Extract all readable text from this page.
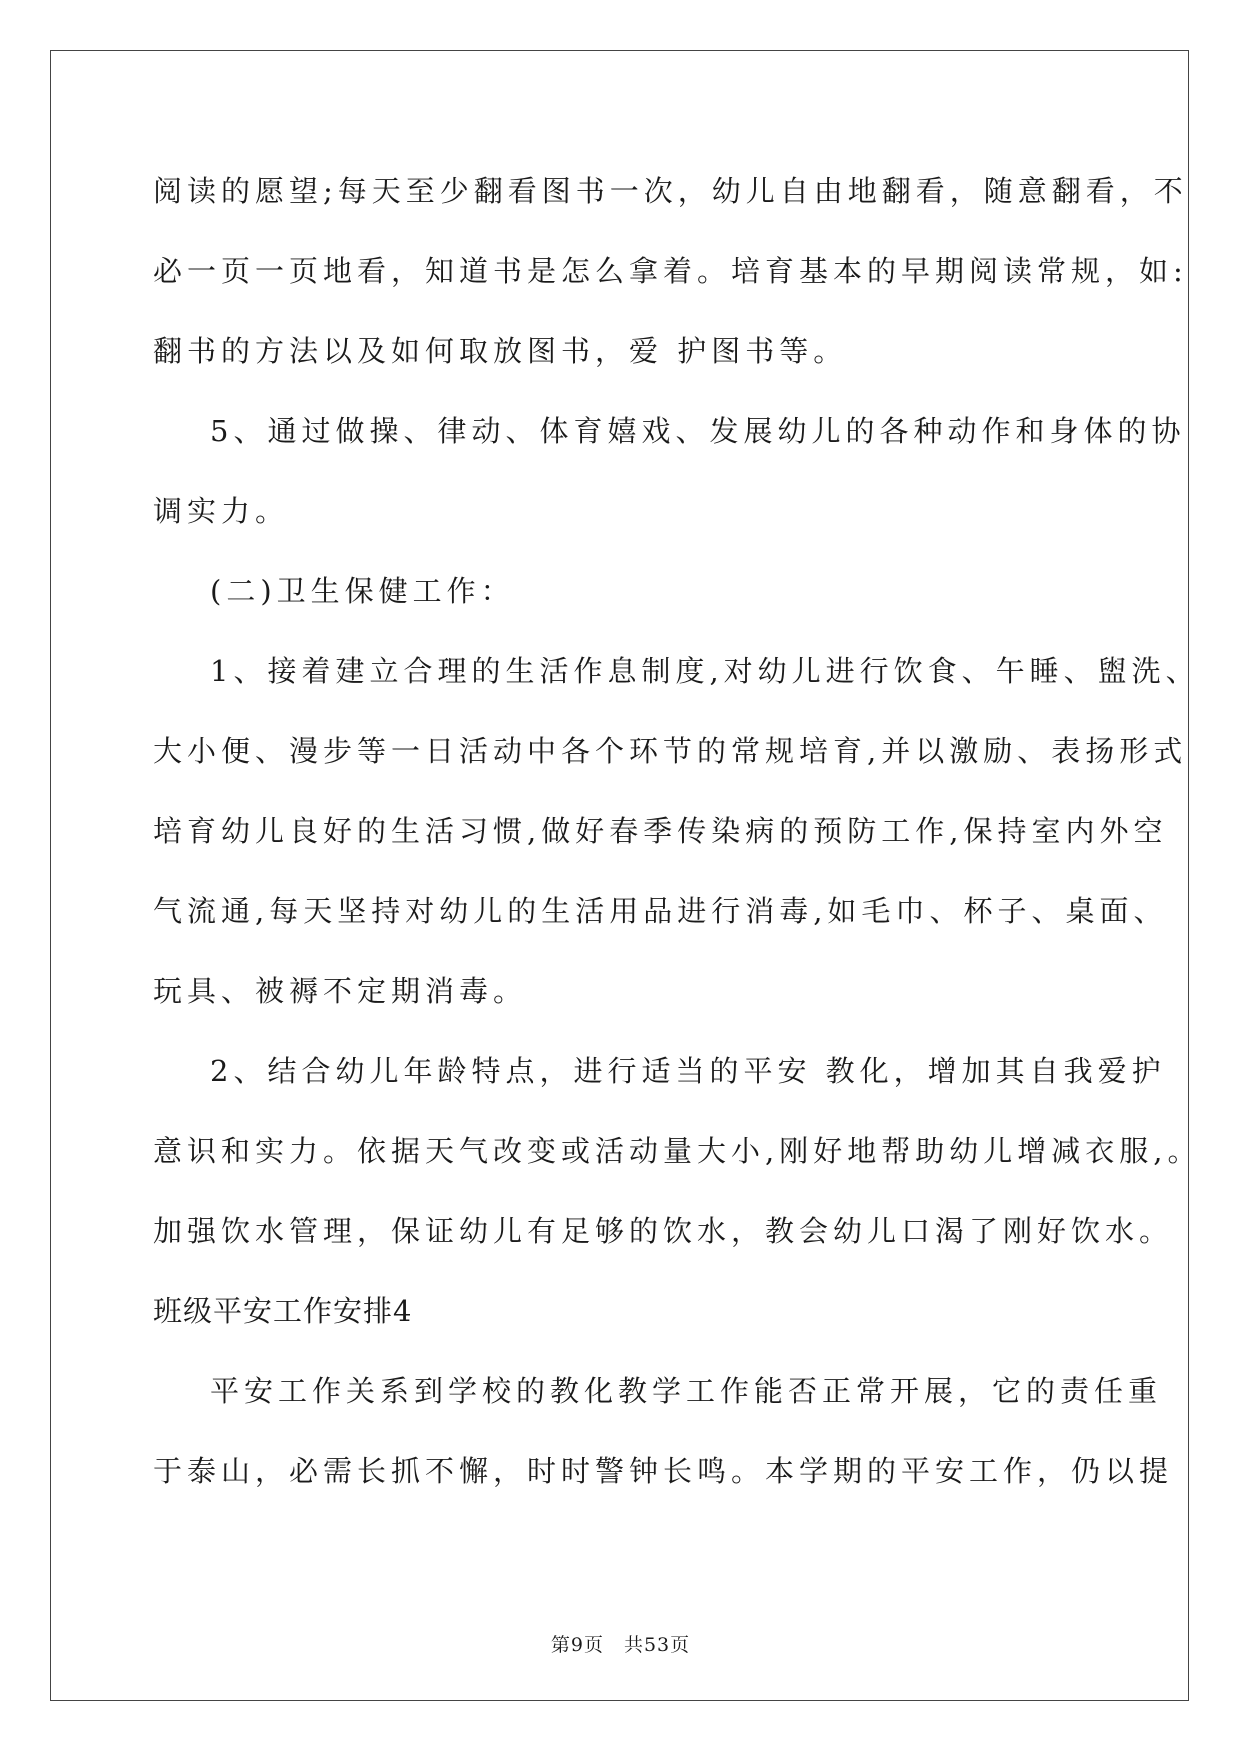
阅读的愿望;每天至少翻看图书一次，幼儿自由地翻看，随意翻看，不
必一页一页地看，知道书是怎么拿着。培育基本的早期阅读常规，如:
翻书的方法以及如何取放图书，爱 护图书等。
5、通过做操、律动、体育嬉戏、发展幼儿的各种动作和身体的协
调实力。
(二)卫生保健工作：
1、接着建立合理的生活作息制度,对幼儿进行饮食、午睡、盥洗、
大小便、漫步等一日活动中各个环节的常规培育,并以激励、表扬形式
培育幼儿良好的生活习惯,做好春季传染病的预防工作,保持室内外空
气流通,每天坚持对幼儿的生活用品进行消毒,如毛巾、杯子、桌面、
玩具、被褥不定期消毒。
2、结合幼儿年龄特点，进行适当的平安 教化，增加其自我爱护
意识和实力。依据天气改变或活动量大小,刚好地帮助幼儿增减衣服,。
加强饮水管理，保证幼儿有足够的饮水，教会幼儿口渴了刚好饮水。
班级平安工作安排4
平安工作关系到学校的教化教学工作能否正常开展，它的责任重
于泰山，必需长抓不懈，时时警钟长鸣。本学期的平安工作，仍以提
第9页　共53页
